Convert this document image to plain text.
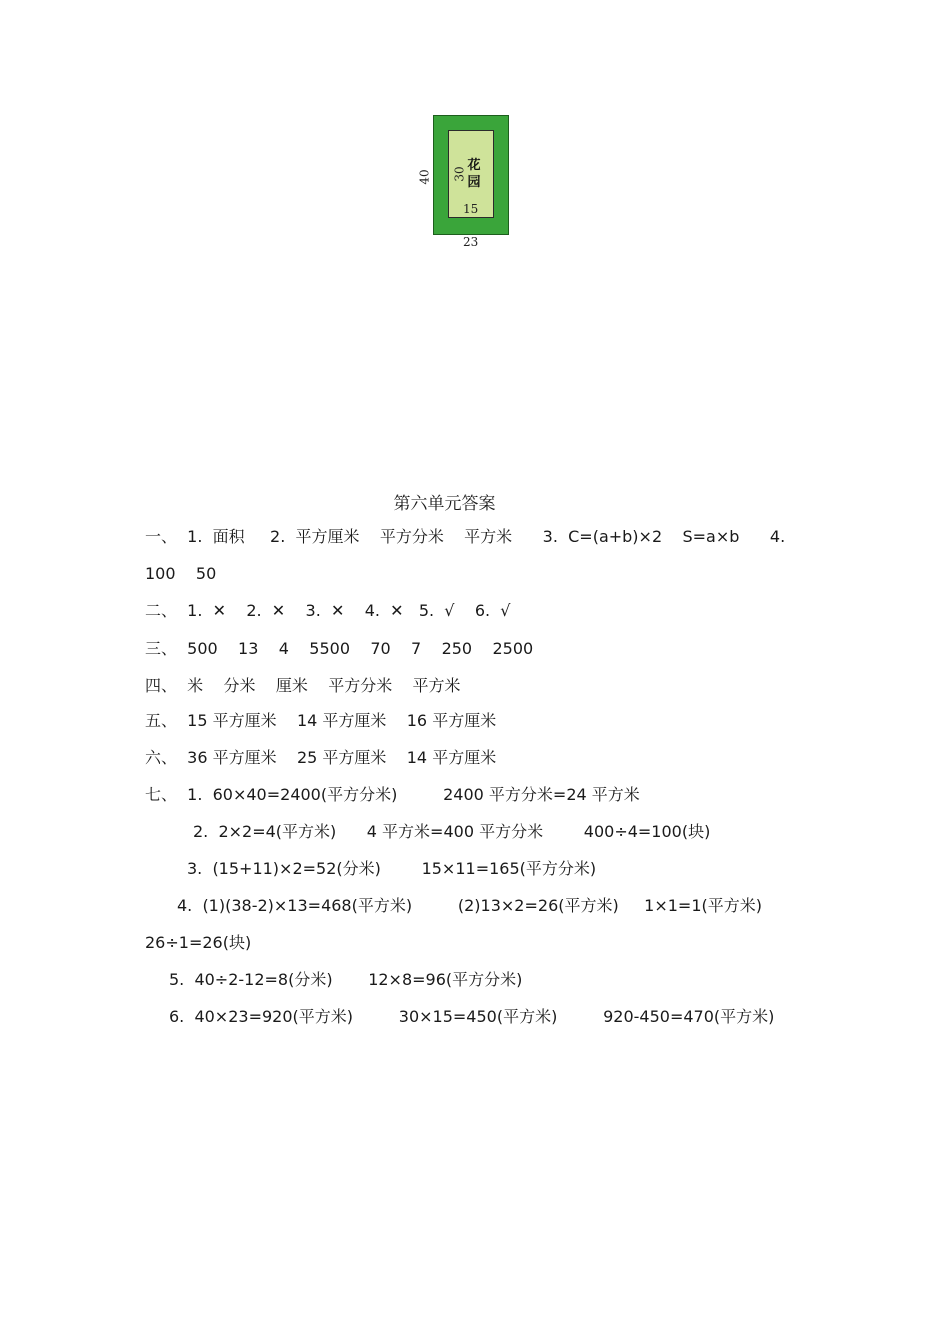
花
园
40 30
15
23
第六单元答案
一、  1.  面积     2.  平方厘米    平方分米    平方米      3.  C=(a+b)×2    S=a×b      4.
100    50
二、  1.  ✕    2.  ✕    3.  ✕    4.  ✕   5.  √    6.  √
三、  500    13    4    5500    70    7    250    2500
四、  米    分米    厘米    平方分米    平方米
五、  15 平方厘米    14 平方厘米    16 平方厘米
六、  36 平方厘米    25 平方厘米    14 平方厘米
七、  1.  60×40=2400(平方分米)         2400 平方分米=24 平方米
2.  2×2=4(平方米)      4 平方米=400 平方分米        400÷4=100(块)
3.  (15+11)×2=52(分米)        15×11=165(平方分米)
4.  (1)(38-2)×13=468(平方米)         (2)13×2=26(平方米)     1×1=1(平方米)
26÷1=26(块)
5.  40÷2-12=8(分米)       12×8=96(平方分米)
6.  40×23=920(平方米)         30×15=450(平方米)         920-450=470(平方米)
